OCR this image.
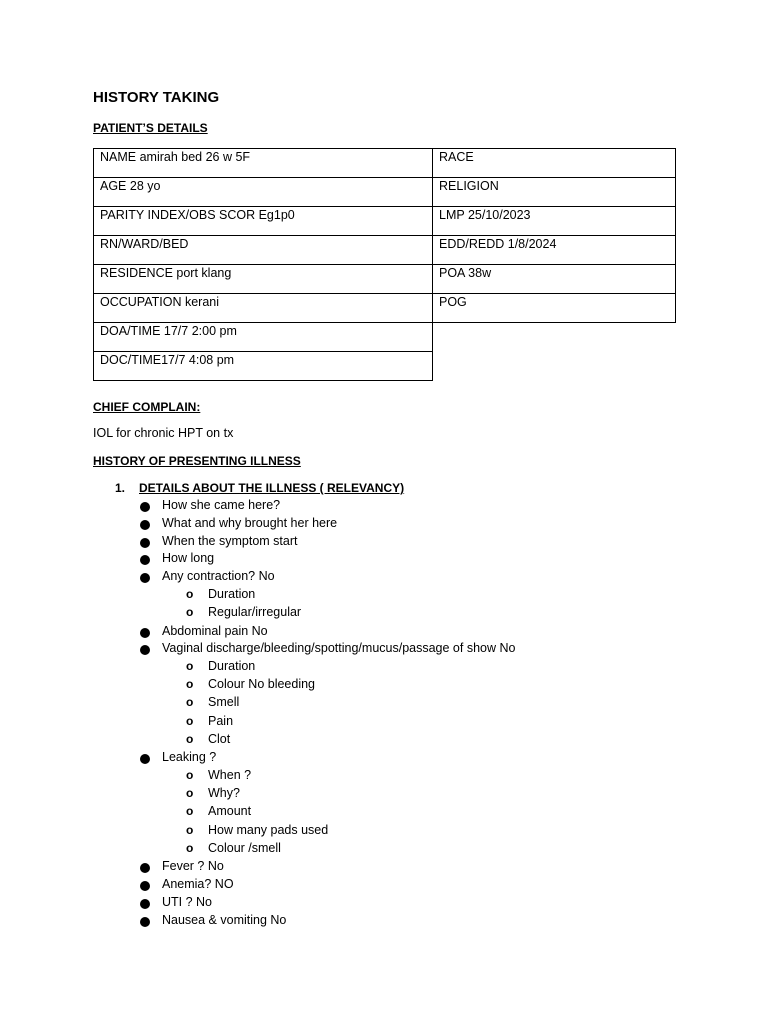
HISTORY TAKING
PATIENT’S DETAILS
NAME amirah bed 26 w 5F	RACE
AGE 28 yo	RELIGION
PARITY INDEX/OBS SCOR Eg1p0	LMP 25/10/2023
RN/WARD/BED	EDD/REDD 1/8/2024
RESIDENCE port klang	POA 38w
OCCUPATION kerani	POG
DOA/TIME 17/7 2:00 pm	
DOC/TIME17/7 4:08 pm	
CHIEF COMPLAIN:
IOL for chronic HPT on tx
HISTORY OF PRESENTING ILLNESS
1. DETAILS ABOUT THE ILLNESS ( RELEVANCY)
How she came here?
What and why brought her here
When the symptom start
How long
Any contraction? No
o Duration
o Regular/irregular
Abdominal pain No
Vaginal discharge/bleeding/spotting/mucus/passage of show No
o Duration
o Colour No bleeding
o Smell
o Pain
o Clot
Leaking ?
o When ?
o Why?
o Amount
o How many pads used
o Colour /smell
Fever ? No
Anemia? NO
UTI ? No
Nausea & vomiting No
